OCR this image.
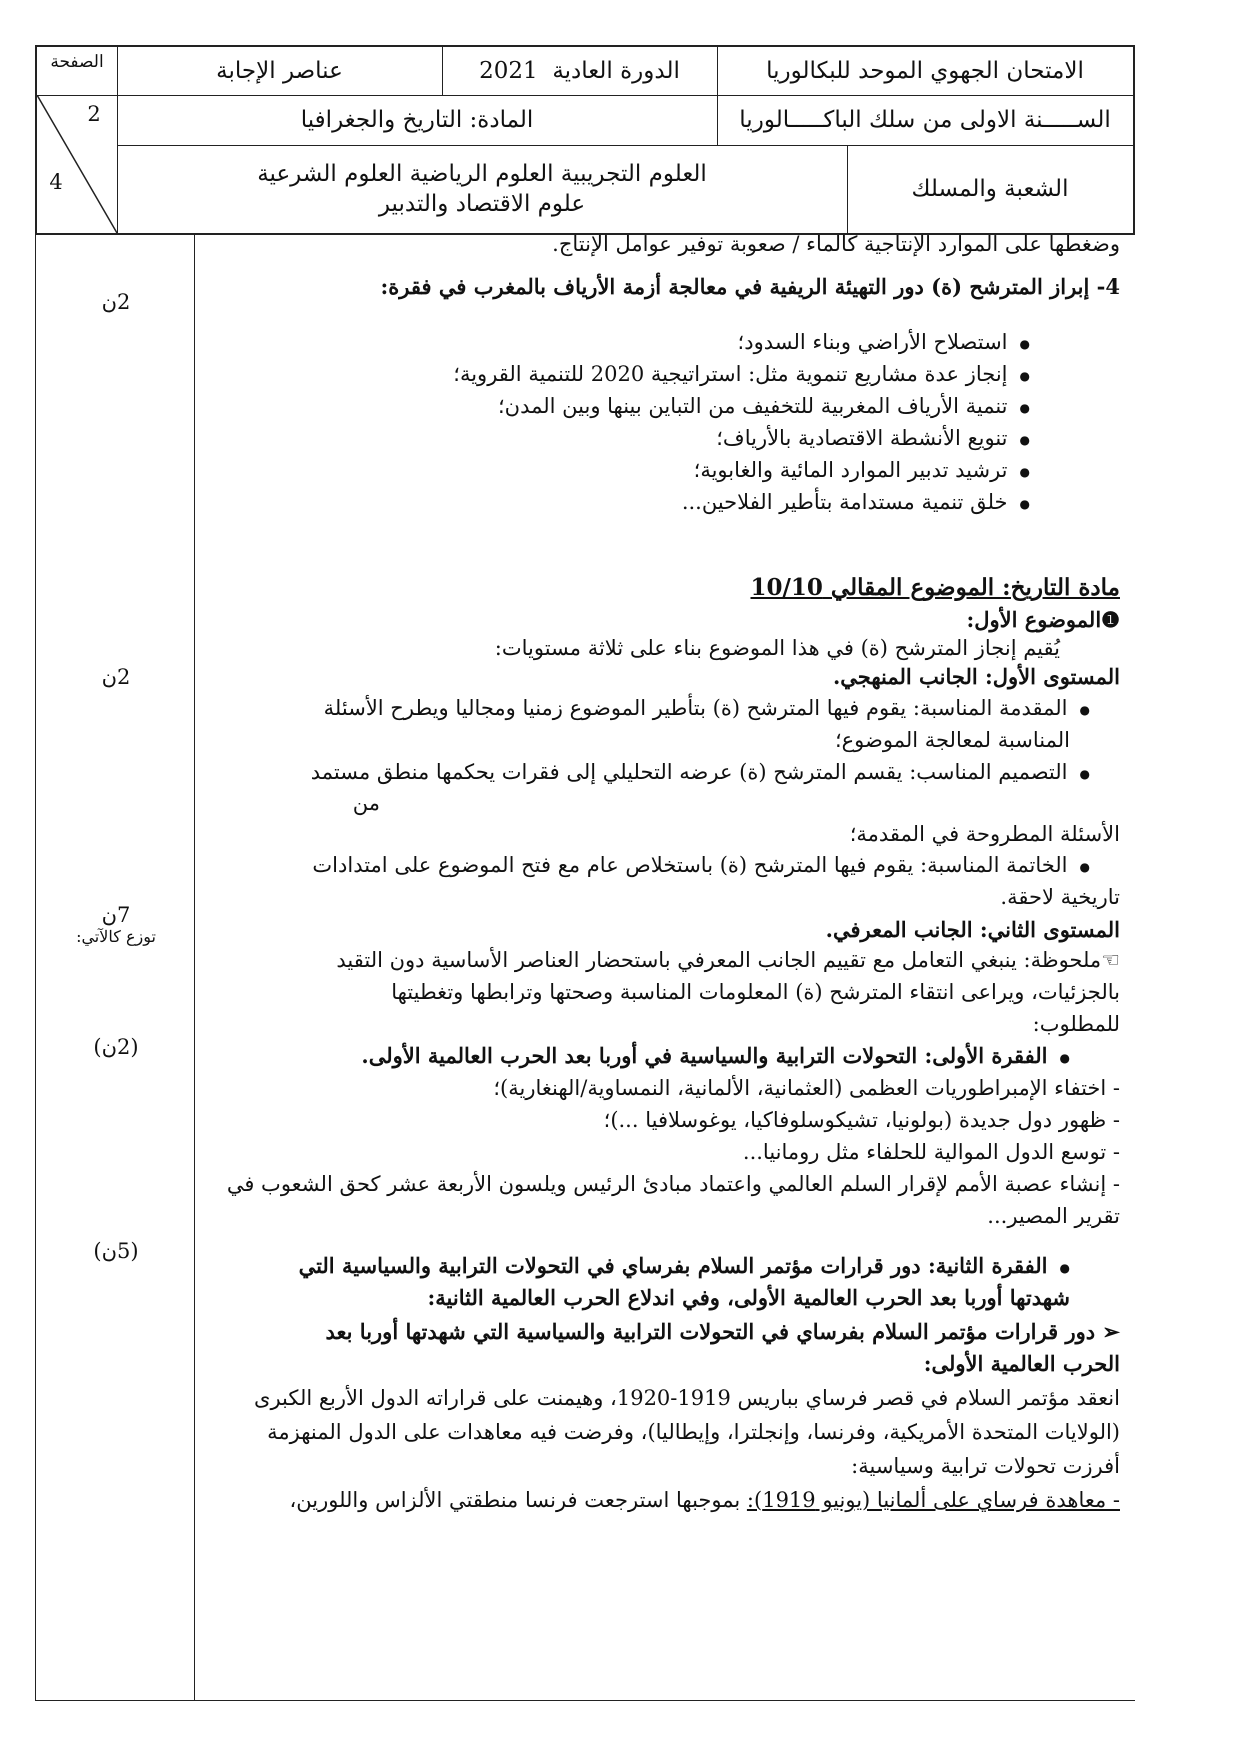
الامتحان الجهوي الموحد للبكالوريا
الدورة العادية

2021
عناصر الإجابة
الصفحة
الســـــنة الاولى من سلك الباكـــــالوريا
المادة: التاريخ والجغرافيا
2
4	الشعبة والمسلك
العلوم التجريبية العلوم الرياضية العلوم الشرعية
علوم الاقتصاد والتدبير
2ن
2ن
7ن
توزع كالآتي:
(2ن)
(5ن)
وضغطها على الموارد الإنتاجية كالماء / صعوبة توفير عوامل الإنتاج.
4- إبراز المترشح (ة) دور التهيئة الريفية في معالجة أزمة الأرياف بالمغرب في فقرة:
● استصلاح الأراضي وبناء السدود؛
● إنجاز عدة مشاريع تنموية مثل: استراتيجية 2020 للتنمية القروية؛
● تنمية الأرياف المغربية للتخفيف من التباين بينها وبين المدن؛
● تنويع الأنشطة الاقتصادية بالأرياف؛
● ترشيد تدبير الموارد المائية والغابوية؛
● خلق تنمية مستدامة بتأطير الفلاحين...
مادة التاريخ: الموضوع المقالي 10/10
❶الموضوع الأول:
يُقيم إنجاز المترشح (ة) في هذا الموضوع بناء على ثلاثة مستويات:
المستوى الأول: الجانب المنهجي.
● المقدمة المناسبة: يقوم فيها المترشح (ة) بتأطير الموضوع زمنيا ومجاليا ويطرح الأسئلة
المناسبة لمعالجة الموضوع؛
● التصميم المناسب: يقسم المترشح (ة) عرضه التحليلي إلى فقرات يحكمها منطق مستمد
من
الأسئلة المطروحة في المقدمة؛
● الخاتمة المناسبة: يقوم فيها المترشح (ة) باستخلاص عام مع فتح الموضوع على امتدادات
تاريخية لاحقة.
المستوى الثاني: الجانب المعرفي.
☜ملحوظة: ينبغي التعامل مع تقييم الجانب المعرفي باستحضار العناصر الأساسية دون التقيد
بالجزئيات، ويراعى انتقاء المترشح (ة) المعلومات المناسبة وصحتها وترابطها وتغطيتها
للمطلوب:
● الفقرة الأولى: التحولات الترابية والسياسية في أوربا بعد الحرب العالمية الأولى.
- اختفاء الإمبراطوريات العظمى (العثمانية، الألمانية، النمساوية/الهنغارية)؛
- ظهور دول جديدة (بولونيا، تشيكوسلوفاكيا، يوغوسلافيا ...)؛
- توسع الدول الموالية للحلفاء مثل رومانيا...
- إنشاء عصبة الأمم لإقرار السلم العالمي واعتماد مبادئ الرئيس ويلسون الأربعة عشر كحق الشعوب في
تقرير المصير...
● الفقرة الثانية: دور قرارات مؤتمر السلام بفرساي في التحولات الترابية والسياسية التي
شهدتها أوربا بعد الحرب العالمية الأولى، وفي اندلاع الحرب العالمية الثانية:
➢ دور قرارات مؤتمر السلام بفرساي في التحولات الترابية والسياسية التي شهدتها أوربا بعد
الحرب العالمية الأولى:
انعقد مؤتمر السلام في قصر فرساي بباريس 1919-1920، وهيمنت على قراراته الدول الأربع الكبرى
(الولايات المتحدة الأمريكية، وفرنسا، وإنجلترا، وإيطاليا)، وفرضت فيه معاهدات على الدول المنهزمة
أفرزت تحولات ترابية وسياسية:
- معاهدة فرساي على ألمانيا (يونيو 1919): بموجبها استرجعت فرنسا منطقتي الألزاس واللورين،
